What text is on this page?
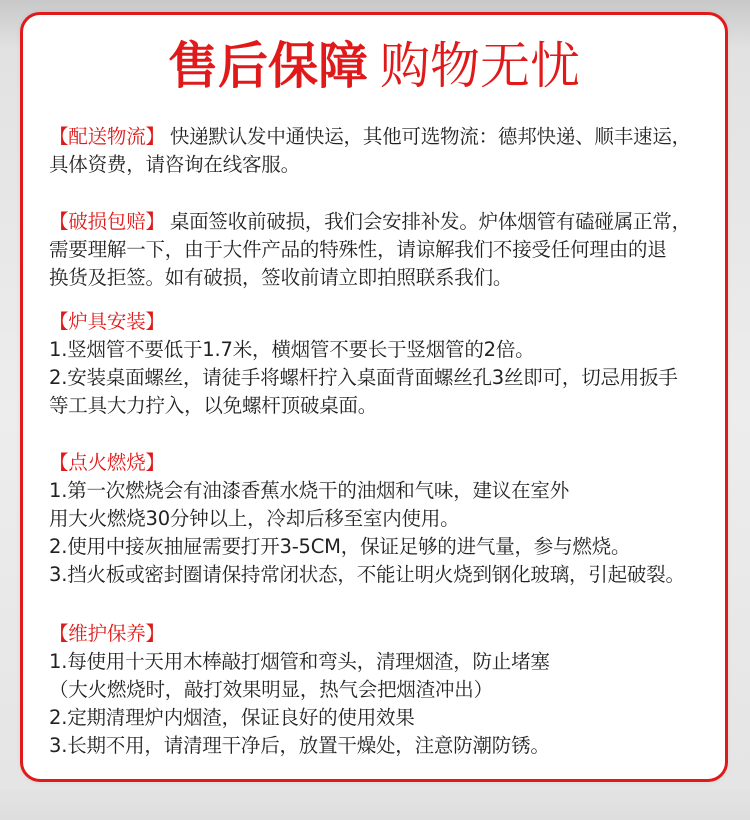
售后保障 购物无忧
【配送物流】 快递默认发中通快运，其他可选物流：德邦快递、顺丰速运，
具体资费，请咨询在线客服。
【破损包赔】 桌面签收前破损，我们会安排补发。炉体烟管有磕碰属正常，
需要理解一下，由于大件产品的特殊性，请谅解我们不接受任何理由的退
换货及拒签。如有破损，签收前请立即拍照联系我们。
【炉具安装】
1.竖烟管不要低于1.7米，横烟管不要长于竖烟管的2倍。
2.安装桌面螺丝，请徒手将螺杆拧入桌面背面螺丝孔3丝即可，切忌用扳手
等工具大力拧入，以免螺杆顶破桌面。
【点火燃烧】
1.第一次燃烧会有油漆香蕉水烧干的油烟和气味，建议在室外
用大火燃烧30分钟以上，冷却后移至室内使用。
2.使用中接灰抽屉需要打开3-5CM，保证足够的进气量，参与燃烧。
3.挡火板或密封圈请保持常闭状态，不能让明火烧到钢化玻璃，引起破裂。
【维护保养】
1.每使用十天用木棒敲打烟管和弯头，清理烟渣，防止堵塞
（大火燃烧时，敲打效果明显，热气会把烟渣冲出）
2.定期清理炉内烟渣，保证良好的使用效果
3.长期不用，请清理干净后，放置干燥处，注意防潮防锈。
